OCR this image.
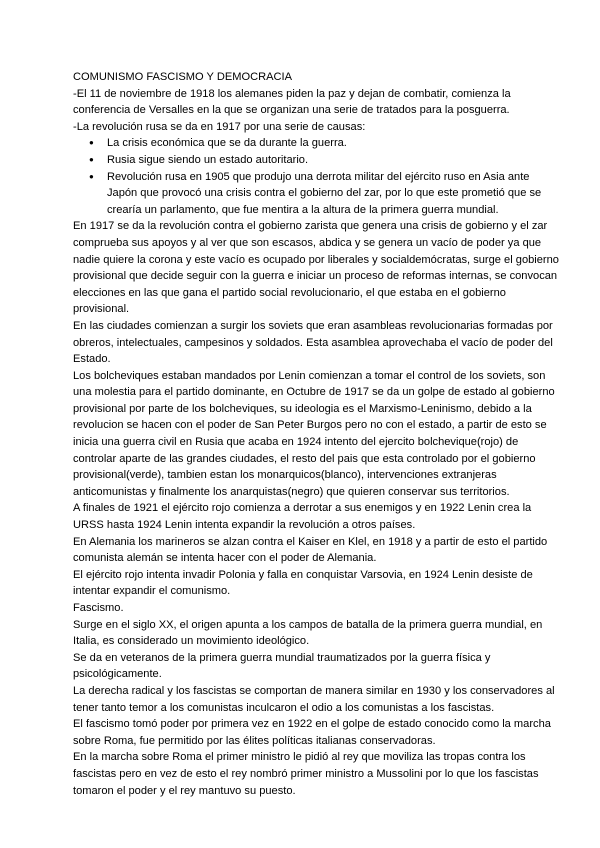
COMUNISMO FASCISMO Y DEMOCRACIA

-El 11 de noviembre de 1918 los alemanes piden la paz y dejan de combatir, comienza la conferencia de Versalles en la que se organizan una serie de tratados para la posguerra.

-La revolución rusa se da en 1917 por una serie de causas:

● La crisis económica que se da durante la guerra.
● Rusia sigue siendo un estado autoritario.
● Revolución rusa en 1905 que produjo una derrota militar del ejército ruso en Asia ante Japón que provocó una crisis contra el gobierno del zar, por lo que este prometió que se crearía un parlamento, que fue mentira a la altura de la primera guerra mundial.

En 1917 se da la revolución contra el gobierno zarista que genera una crisis de gobierno y el zar comprueba sus apoyos y al ver que son escasos, abdica y se genera un vacío de poder ya que nadie quiere la corona y este vacío es ocupado por liberales y socialdemócratas, surge el gobierno provisional que decide seguir con la guerra e iniciar un proceso de reformas internas, se convocan elecciones en las que gana el partido social revolucionario, el que estaba en el gobierno provisional.

En las ciudades comienzan a surgir los soviets que eran asambleas revolucionarias formadas por obreros, intelectuales, campesinos y soldados. Esta asamblea aprovechaba el vacío de poder del Estado.

Los bolcheviques estaban mandados por Lenin comienzan a tomar el control de los soviets, son una molestia para el partido dominante, en Octubre de 1917 se da un golpe de estado al gobierno provisional por parte de los bolcheviques, su ideologia es el Marxismo-Leninismo, debido a la revolucion se hacen con el poder de San Peter Burgos pero no con el estado, a partir de esto se inicia una guerra civil en Rusia que acaba en 1924 intento del ejercito bolchevique(rojo) de controlar aparte de las grandes ciudades, el resto del pais que esta controlado por el gobierno provisional(verde), tambien estan los monarquicos(blanco), intervenciones extranjeras anticomunistas y finalmente los anarquistas(negro) que quieren conservar sus territorios.

A finales de 1921 el ejército rojo comienza a derrotar a sus enemigos y en 1922 Lenin crea la URSS hasta 1924 Lenin intenta expandir la revolución a otros países.

En Alemania los marineros se alzan contra el Kaiser en Klel, en 1918 y a partir de esto el partido comunista alemán se intenta hacer con el poder de Alemania.

El ejército rojo intenta invadir Polonia y falla en conquistar Varsovia, en 1924 Lenin desiste de intentar expandir el comunismo.

Fascismo.

Surge en el siglo XX, el origen apunta a los campos de batalla de la primera guerra mundial, en Italia, es considerado un movimiento ideológico.

Se da en veteranos de la primera guerra mundial traumatizados por la guerra física y psicológicamente.

La derecha radical y los fascistas se comportan de manera similar en 1930 y los conservadores al tener tanto temor a los comunistas inculcaron el odio a los comunistas a los fascistas.

El fascismo tomó poder por primera vez en 1922 en el golpe de estado conocido como la marcha sobre Roma, fue permitido por las élites políticas italianas conservadoras.

En la marcha sobre Roma el primer ministro le pidió al rey que moviliza las tropas contra los fascistas pero en vez de esto el rey nombró primer ministro a Mussolini por lo que los fascistas tomaron el poder y el rey mantuvo su puesto.
